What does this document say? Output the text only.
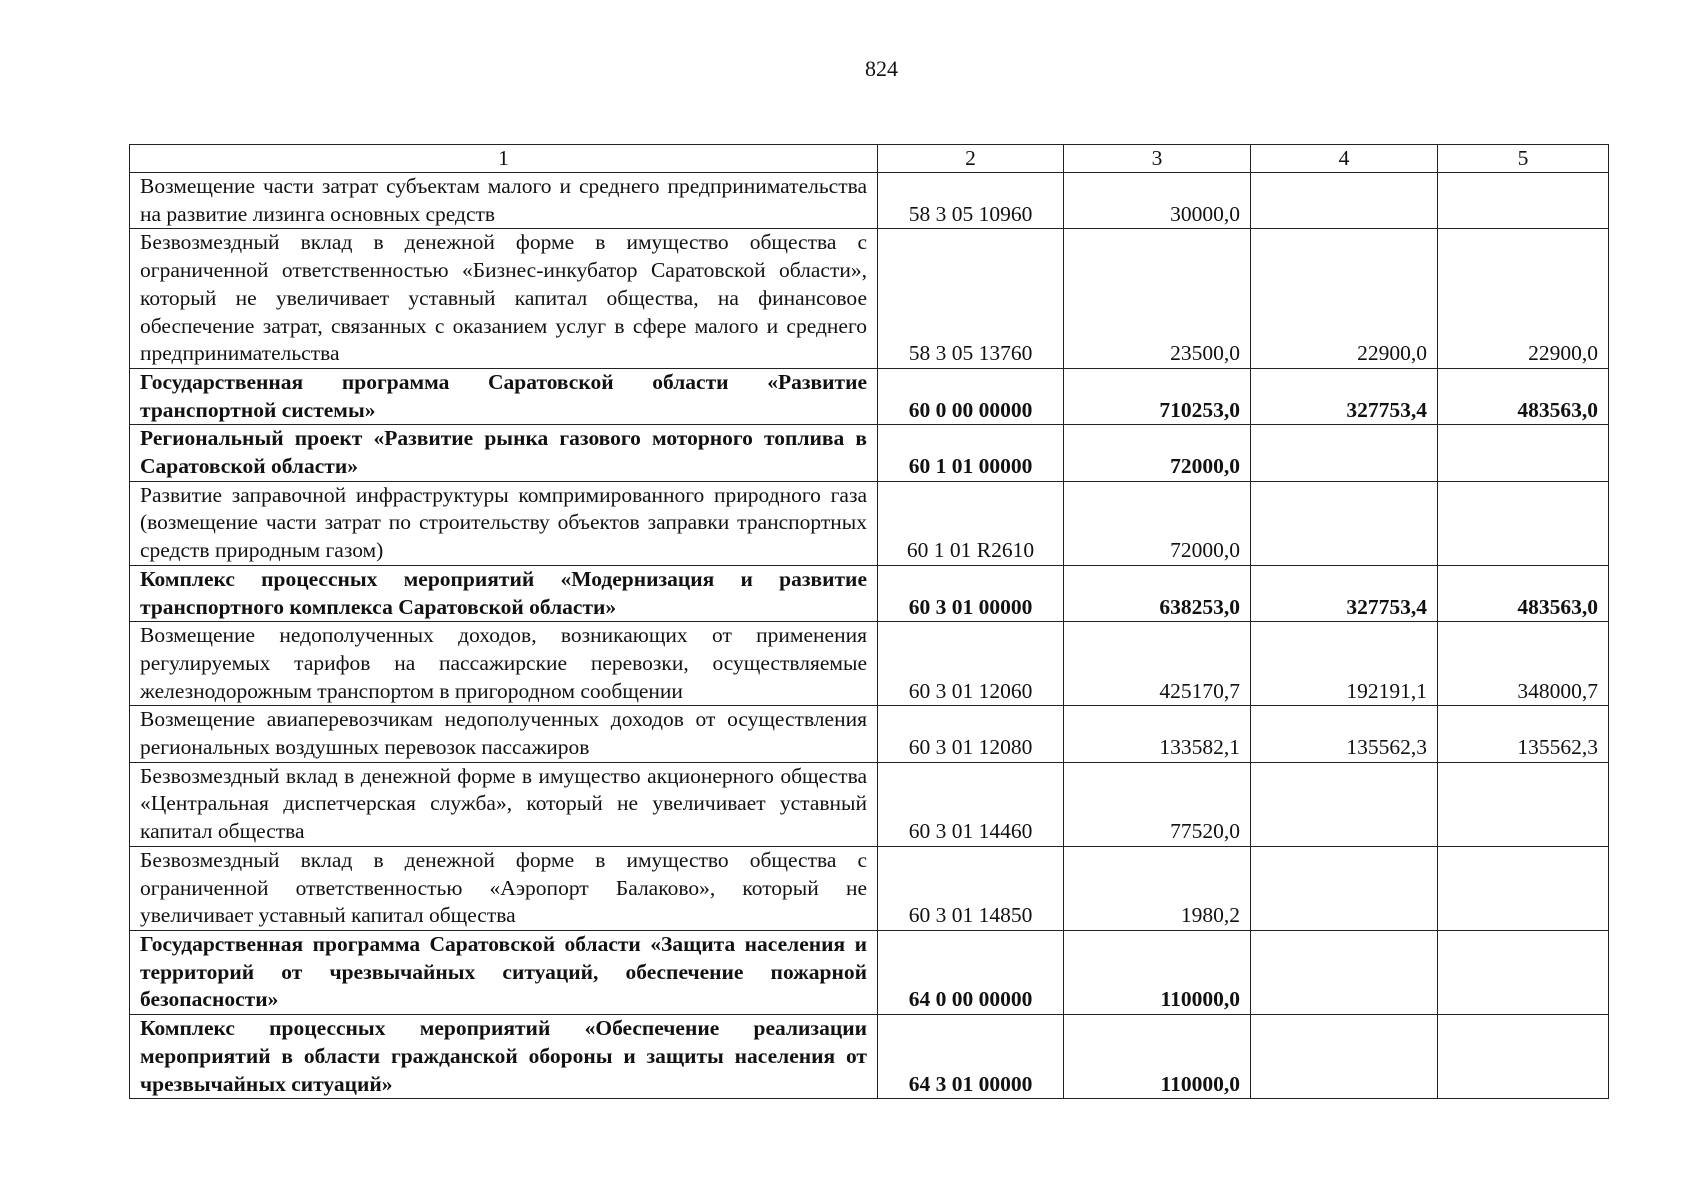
824
1	2	3	4	5
Возмещение части затрат субъектам малого и среднего предпринимательства на развитие лизинга основных средств	58 3 05 10960	30000,0		
Безвозмездный вклад в денежной форме в имущество общества с ограниченной ответственностью «Бизнес-инкубатор Саратовской области», который не увеличивает уставный капитал общества, на финансовое обеспечение затрат, связанных с оказанием услуг в сфере малого и среднего предпринимательства	58 3 05 13760	23500,0	22900,0	22900,0
Государственная программа Саратовской области «Развитие транспортной системы»	60 0 00 00000	710253,0	327753,4	483563,0
Региональный проект «Развитие рынка газового моторного топлива в Саратовской области»	60 1 01 00000	72000,0		
Развитие заправочной инфраструктуры компримированного природного газа (возмещение части затрат по строительству объектов заправки транспортных средств природным газом)	60 1 01 R2610	72000,0		
Комплекс процессных мероприятий «Модернизация и развитие транспортного комплекса Саратовской области»	60 3 01 00000	638253,0	327753,4	483563,0
Возмещение недополученных доходов, возникающих от применения регулируемых тарифов на пассажирские перевозки, осуществляемые железнодорожным транспортом в пригородном сообщении	60 3 01 12060	425170,7	192191,1	348000,7
Возмещение авиаперевозчикам недополученных доходов от осуществления региональных воздушных перевозок пассажиров	60 3 01 12080	133582,1	135562,3	135562,3
Безвозмездный вклад в денежной форме в имущество акционерного общества «Центральная диспетчерская служба», который не увеличивает уставный капитал общества	60 3 01 14460	77520,0		
Безвозмездный вклад в денежной форме в имущество общества с ограниченной ответственностью «Аэропорт Балаково», который не увеличивает уставный капитал общества	60 3 01 14850	1980,2		
Государственная программа Саратовской области «Защита населения и территорий от чрезвычайных ситуаций, обеспечение пожарной безопасности»	64 0 00 00000	110000,0		
Комплекс процессных мероприятий «Обеспечение реализации мероприятий в области гражданской обороны и защиты населения от чрезвычайных ситуаций»	64 3 01 00000	110000,0		
